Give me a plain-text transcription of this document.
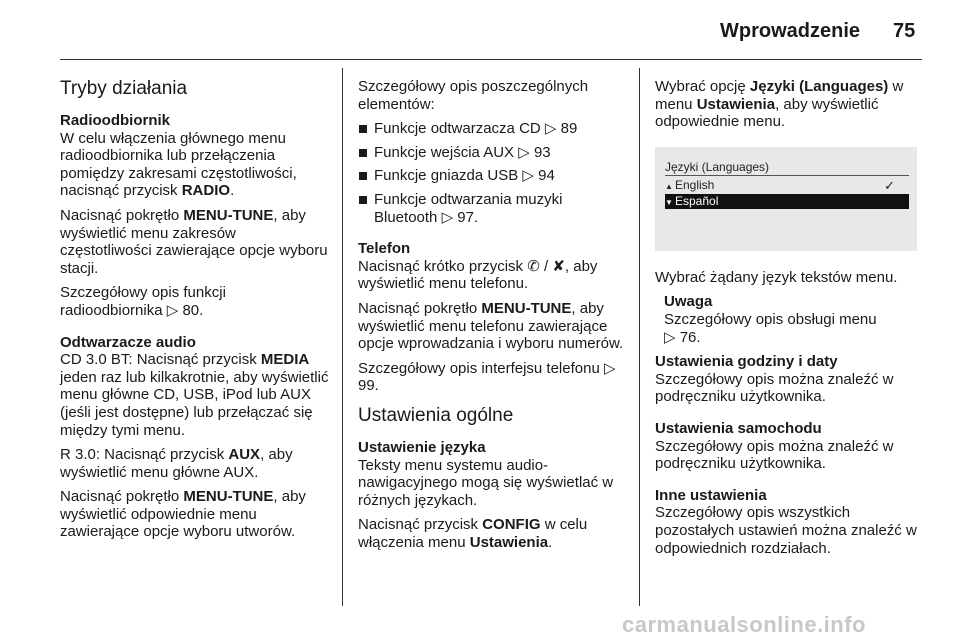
Wprowadzenie 75
Tryby działania
Radioodbiornik

W celu włączenia głównego menu radioodbiornika lub przełączenia pomiędzy zakresami częstotliwości, nacisnąć przycisk RADIO.

Nacisnąć pokrętło MENU-TUNE, aby wyświetlić menu zakresów częstotliwości zawierające opcje wyboru stacji.

Szczegółowy opis funkcji radioodbiornika ▷ 80.

Odtwarzacze audio

CD 3.0 BT: Nacisnąć przycisk MEDIA jeden raz lub kilkakrotnie, aby wyświetlić menu główne CD, USB, iPod lub AUX (jeśli jest dostępne) lub przełączać się między tymi menu.

R 3.0: Nacisnąć przycisk AUX, aby wyświetlić menu główne AUX.

Nacisnąć pokrętło MENU-TUNE, aby wyświetlić odpowiednie menu zawierające opcje wyboru utworów.

Szczegółowy opis poszczególnych elementów:

Funkcje odtwarzacza CD ▷ 89
Funkcje wejścia AUX ▷ 93
Funkcje gniazda USB ▷ 94
Funkcje odtwarzania muzyki Bluetooth ▷ 97.
Telefon

Nacisnąć krótko przycisk ✆ / ✘, aby wyświetlić menu telefonu.

Nacisnąć pokrętło MENU-TUNE, aby wyświetlić menu telefonu zawierające opcje wprowadzania i wyboru numerów.

Szczegółowy opis interfejsu telefonu ▷ 99.

Ustawienia ogólne
Ustawienie języka

Teksty menu systemu audio-nawigacyjnego mogą się wyświetlać w różnych językach.

Nacisnąć przycisk CONFIG w celu włączenia menu Ustawienia.

Wybrać opcję Języki (Languages) w menu Ustawienia, aby wyświetlić odpowiednie menu.

Języki (Languages)
▲ English	✓
▼ Español

Wybrać żądany język tekstów menu.

Uwaga
Szczegółowy opis obsługi menu
▷ 76.
Ustawienia godziny i daty

Szczegółowy opis można znaleźć w podręczniku użytkownika.

Ustawienia samochodu

Szczegółowy opis można znaleźć w podręczniku użytkownika.

Inne ustawienia

Szczegółowy opis wszystkich pozostałych ustawień można znaleźć w odpowiednich rozdziałach.

carmanualsonline.info
